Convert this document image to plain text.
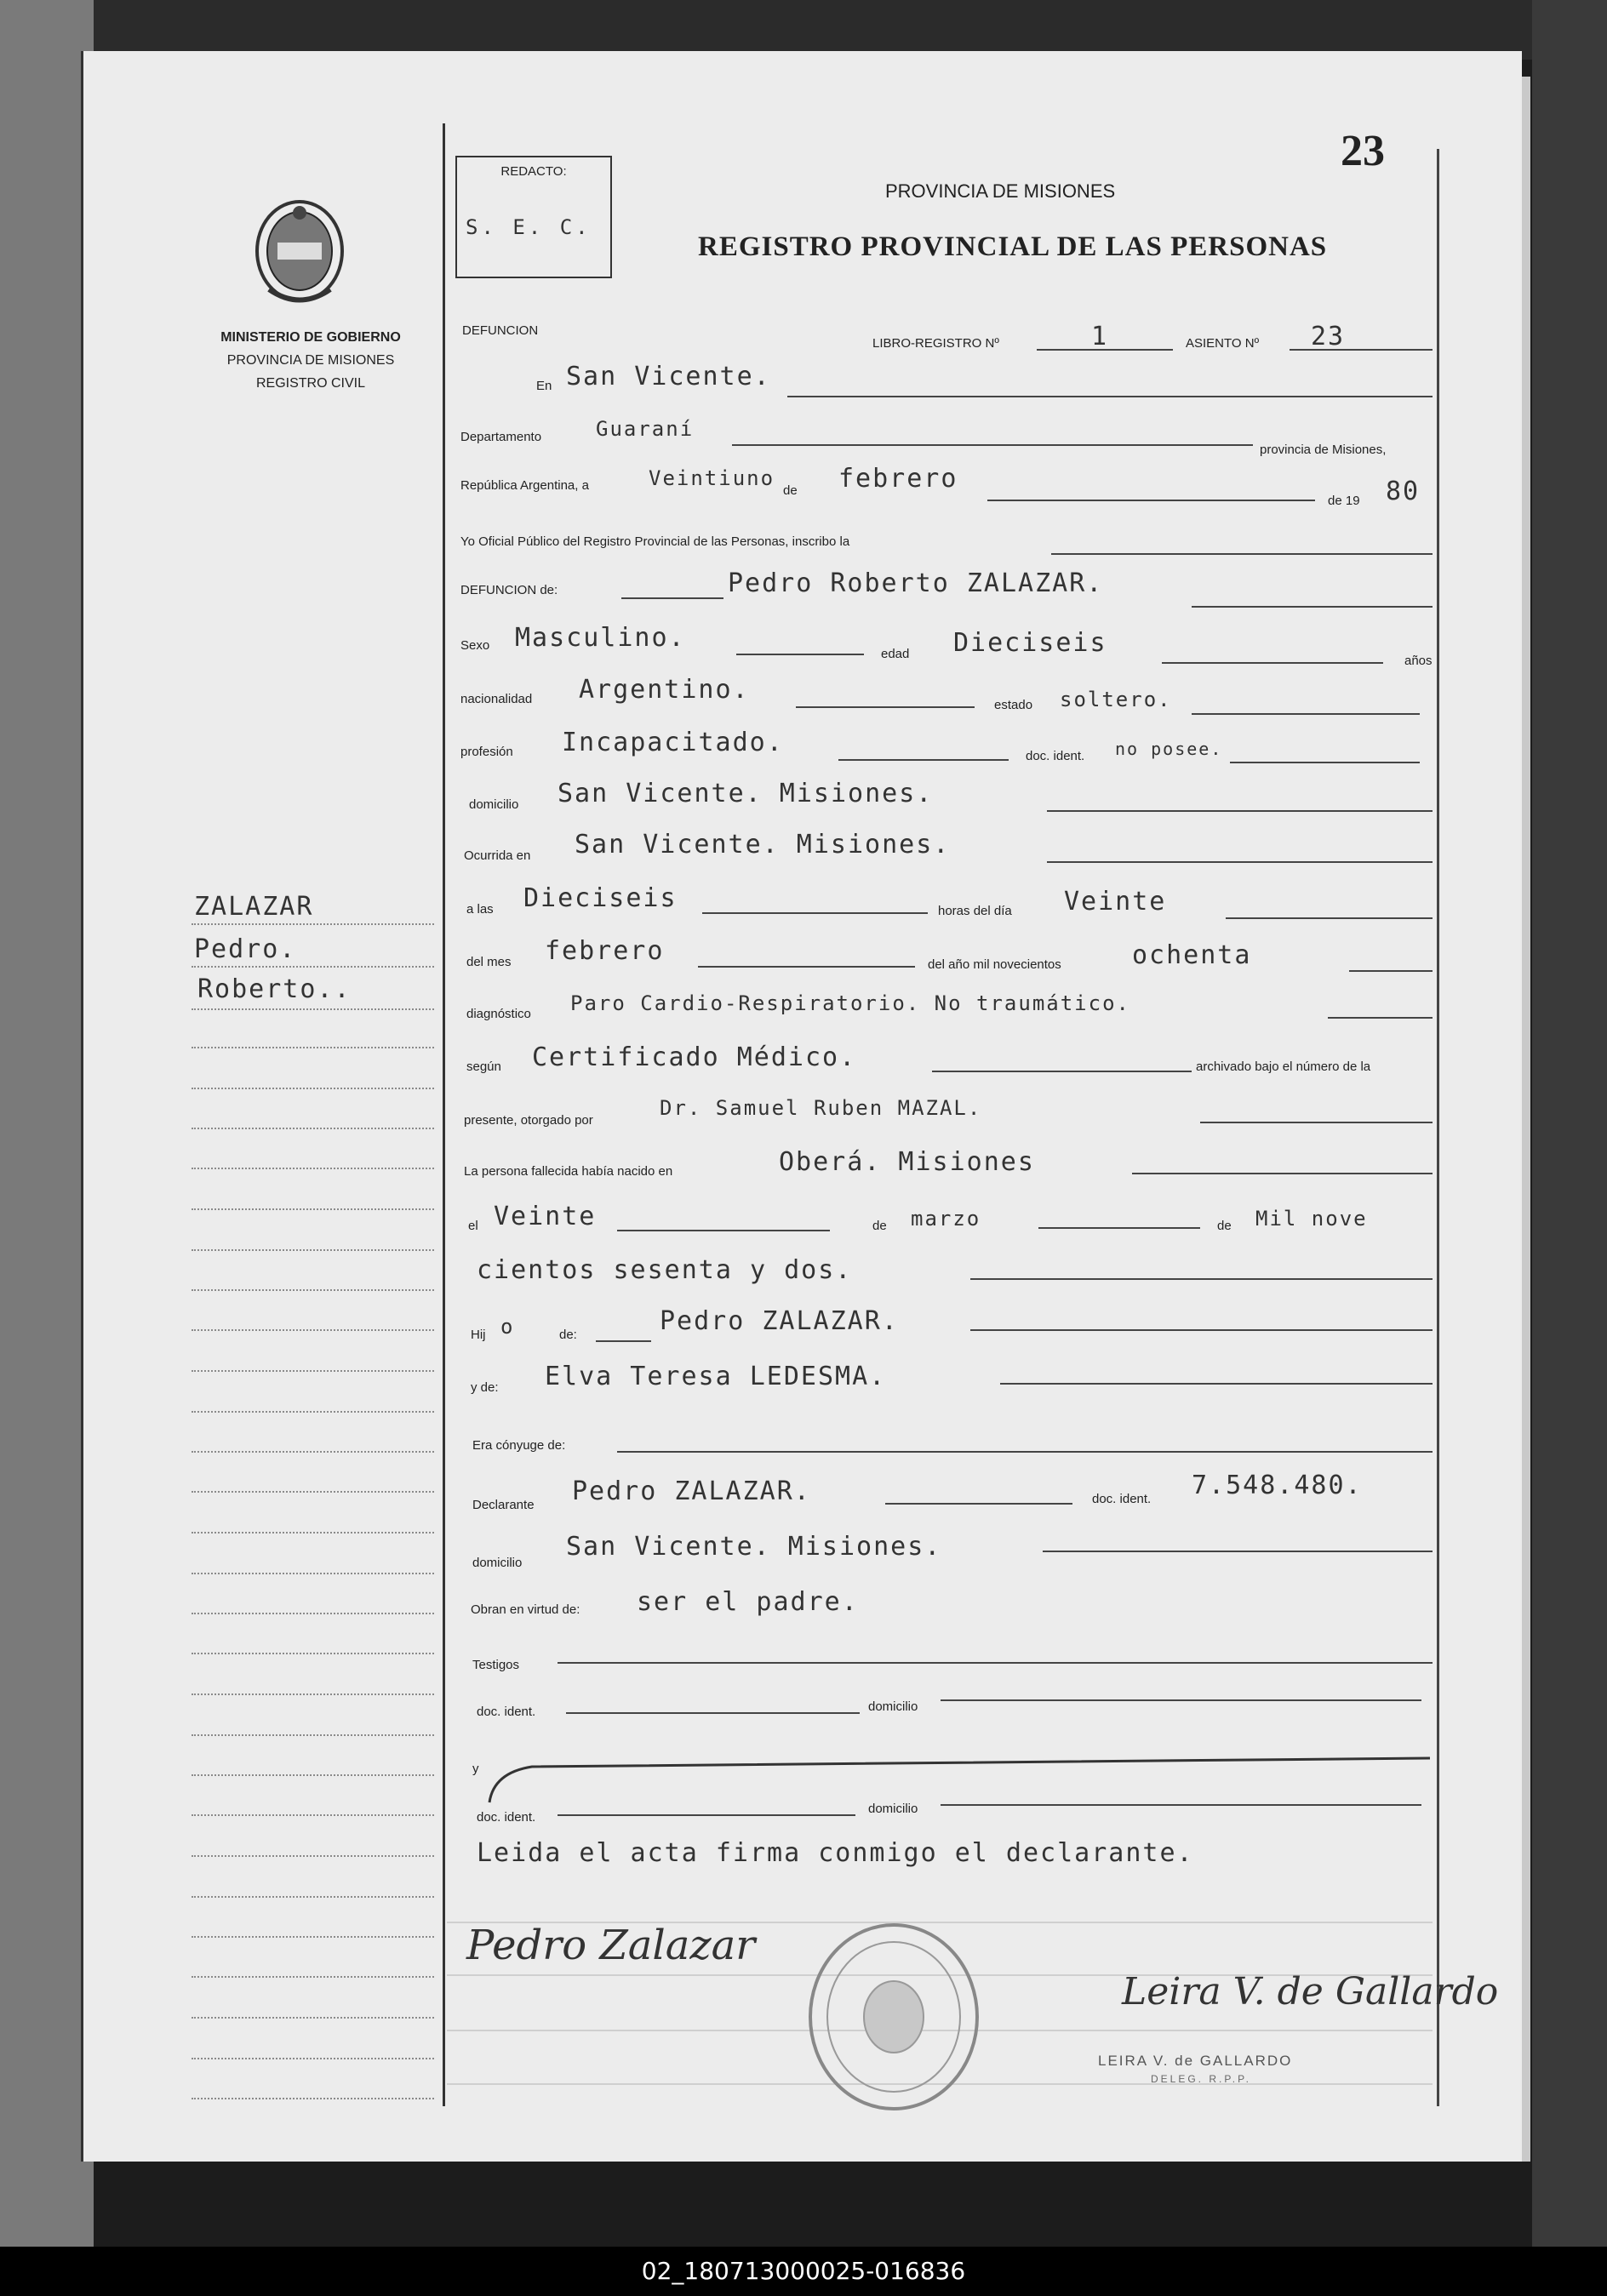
MINISTERIO DE GOBIERNO
PROVINCIA DE MISIONES
REGISTRO CIVIL
ZALAZAR
Pedro.
Roberto..
REDACTO:
S. E. C.
23
PROVINCIA DE MISIONES
REGISTRO PROVINCIAL DE LAS PERSONAS
DEFUNCION
LIBRO-REGISTRO Nº	1	ASIENTO Nº 23
En San Vicente.
Departamento	Guaraní
provincia de Misiones,
República Argentina, a	Veintiuno
de febrero
de 19 80
Yo Oficial Público del Registro Provincial de las Personas, inscribo la
DEFUNCION de:	Pedro Roberto ZALAZAR.
Sexo Masculino.
edad Dieciseis
años
nacionalidad Argentino.
estado soltero.
profesión Incapacitado.	doc. ident. no posee.
domicilio San Vicente. Misiones.
Ocurrida en San Vicente. Misiones.
a las Dieciseis	horas del día Veinte
del mes febrero	del año mil novecientos	ochenta
diagnóstico Paro Cardio-Respiratorio. No traumático.
según Certificado Médico.	archivado bajo el número de la
presente, otorgado por
Dr. Samuel Ruben MAZAL.
La persona fallecida había nacido en	Oberá. Misiones
el Veinte	de marzo	de Mil nove
cientos sesenta y dos.
Hij o	de:	Pedro ZALAZAR.
y de: Elva Teresa LEDESMA.
Era cónyuge de:
Declarante Pedro ZALAZAR.	doc. ident. 7.548.480.
domicilio
San Vicente. Misiones.
Obran en virtud de: ser el padre.
Testigos
doc. ident.	domicilio
y
doc. ident.
domicilio
Leida el acta firma conmigo el declarante.
Pedro Zalazar
Leira V. de Gallardo
LEIRA V. de GALLARDO
DELEG. R.P.P.
02_180713000025-016836
